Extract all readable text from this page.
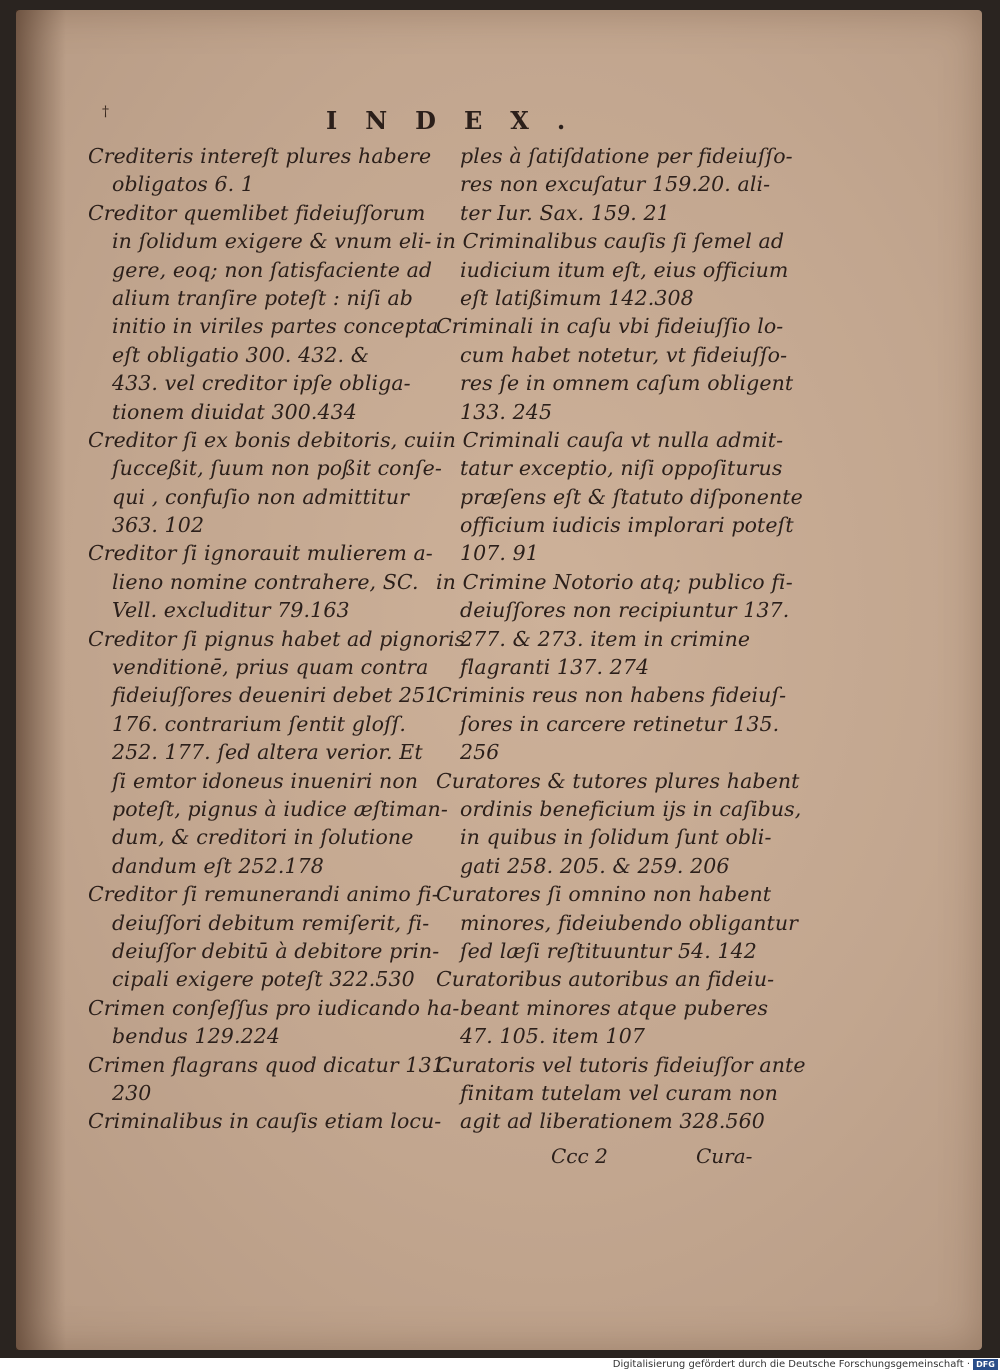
†	INDEX.
Crediteris intereſt plures habere
obligatos 6. 1
Creditor quemlibet fideiuſſorum
in ſolidum exigere & vnum eli-
gere, eoq; non ſatisfaciente ad
alium tranſire poteſt : niſi ab
initio in viriles partes concepta
eſt obligatio 300. 432. &
433. vel creditor ipſe obliga-
tionem diuidat 300.434
Creditor ſi ex bonis debitoris, cui
ſucceßit, ſuum non poßit conſe-
qui , confuſio non admittitur
363. 102
Creditor ſi ignorauit mulierem a-
lieno nomine contrahere, SC.
Vell. excluditur 79.163
Creditor ſi pignus habet ad pignoris
venditionē, prius quam contra
fideiuſſores deueniri debet 251.
176. contrarium ſentit gloſſ.
252. 177. ſed altera verior. Et
ſi emtor idoneus inueniri non
poteſt, pignus à iudice æſtiman-
dum, & creditori in ſolutione
dandum eſt 252.178
Creditor ſi remunerandi animo fi-
deiuſſori debitum remiſerit, fi-
deiuſſor debitū à debitore prin-
cipali exigere poteſt 322.530
Crimen conſeſſus pro iudicando ha-
bendus 129.224
Crimen flagrans quod dicatur 131.
230
Criminalibus in cauſis etiam locu-
ples à ſatiſdatione per fideiuſſo-
res non excuſatur 159.20. ali-
ter Iur. Sax. 159. 21
in Criminalibus cauſis ſi ſemel ad
iudicium itum eſt, eius officium
eſt latißimum 142.308
Criminali in caſu vbi fideiuſſio lo-
cum habet notetur, vt fideiuſſo-
res ſe in omnem caſum obligent
133. 245
in Criminali cauſa vt nulla admit-
tatur exceptio, niſi oppoſiturus
præſens eſt & ſtatuto diſponente
officium iudicis implorari poteſt
107. 91
in Crimine Notorio atq; publico fi-
deiuſſores non recipiuntur 137.
277. & 273. item in crimine
flagranti 137. 274
Criminis reus non habens fideiuſ-
ſores in carcere retinetur 135.
256
Curatores & tutores plures habent
ordinis beneficium ijs in caſibus,
in quibus in ſolidum ſunt obli-
gati 258. 205. & 259. 206
Curatores ſi omnino non habent
minores, fideiubendo obligantur
ſed læſi reſtituuntur 54. 142
Curatoribus autoribus an fideiu-
beant minores atque puberes
47. 105. item 107
Curatoris vel tutoris fideiuſſor ante
finitam tutelam vel curam non
agit ad liberationem 328.560
Ccc 2	Cura-
Digitalisierung gefördert durch die Deutsche Forschungsgemeinschaft · DFG
